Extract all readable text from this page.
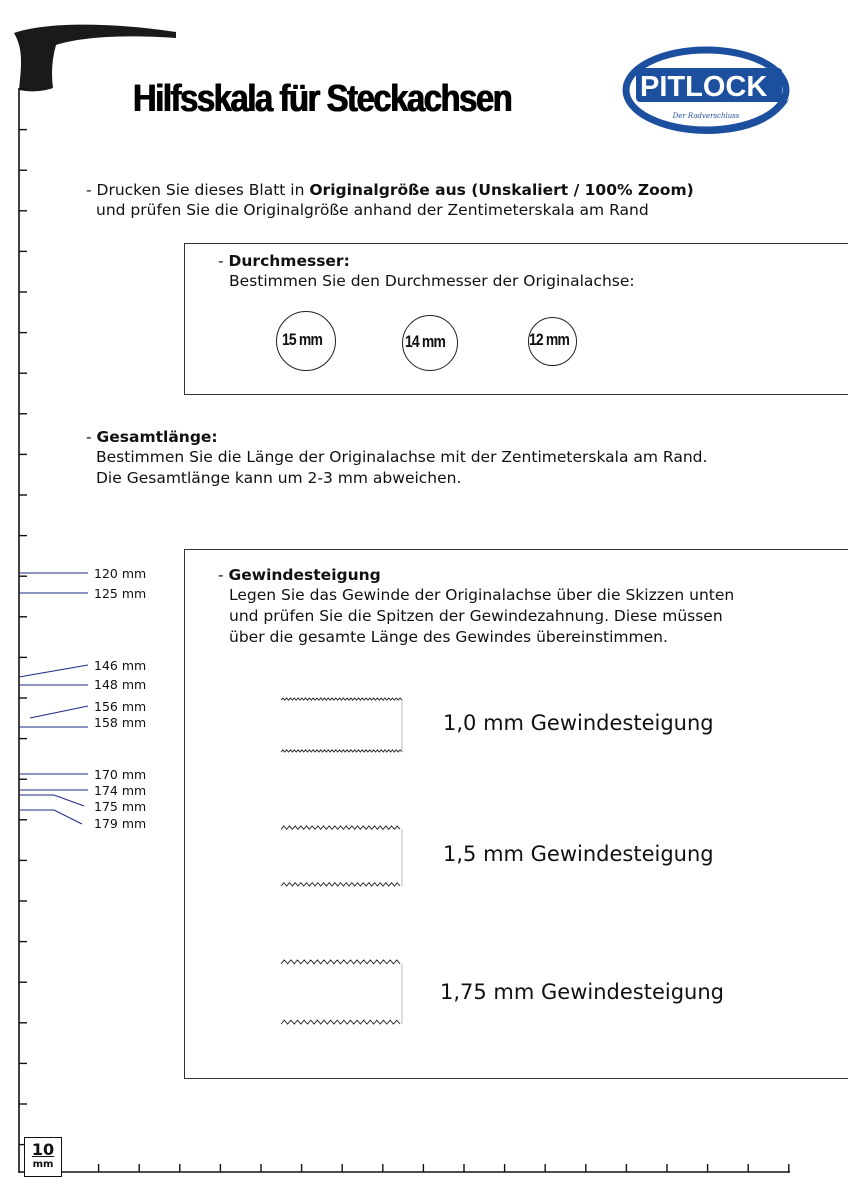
Hilfsskala für Steckachsen	PITLOCK	®
Der Radverschluss
- Drucken Sie dieses Blatt in Originalgröße aus (Unskaliert / 100% Zoom)
und prüfen Sie die Originalgröße anhand der Zentimeterskala am Rand
- Durchmesser:
Bestimmen Sie den Durchmesser der Originalachse:
15 mm	14 mm	12 mm
- Gesamtlänge:
Bestimmen Sie die Länge der Originalachse mit der Zentimeterskala am Rand.
Die Gesamtlänge kann um 2-3 mm abweichen.
120 mm
125 mm
146 mm
148 mm
156 mm
158 mm
170 mm
174 mm
175 mm
179 mm
- Gewindesteigung
Legen Sie das Gewinde der Originalachse über die Skizzen unten
und prüfen Sie die Spitzen der Gewindezahnung. Diese müssen
über die gesamte Länge des Gewindes übereinstimmen.
1,0 mm Gewindesteigung
1,5 mm Gewindesteigung
1,75 mm Gewindesteigung
10
mm
